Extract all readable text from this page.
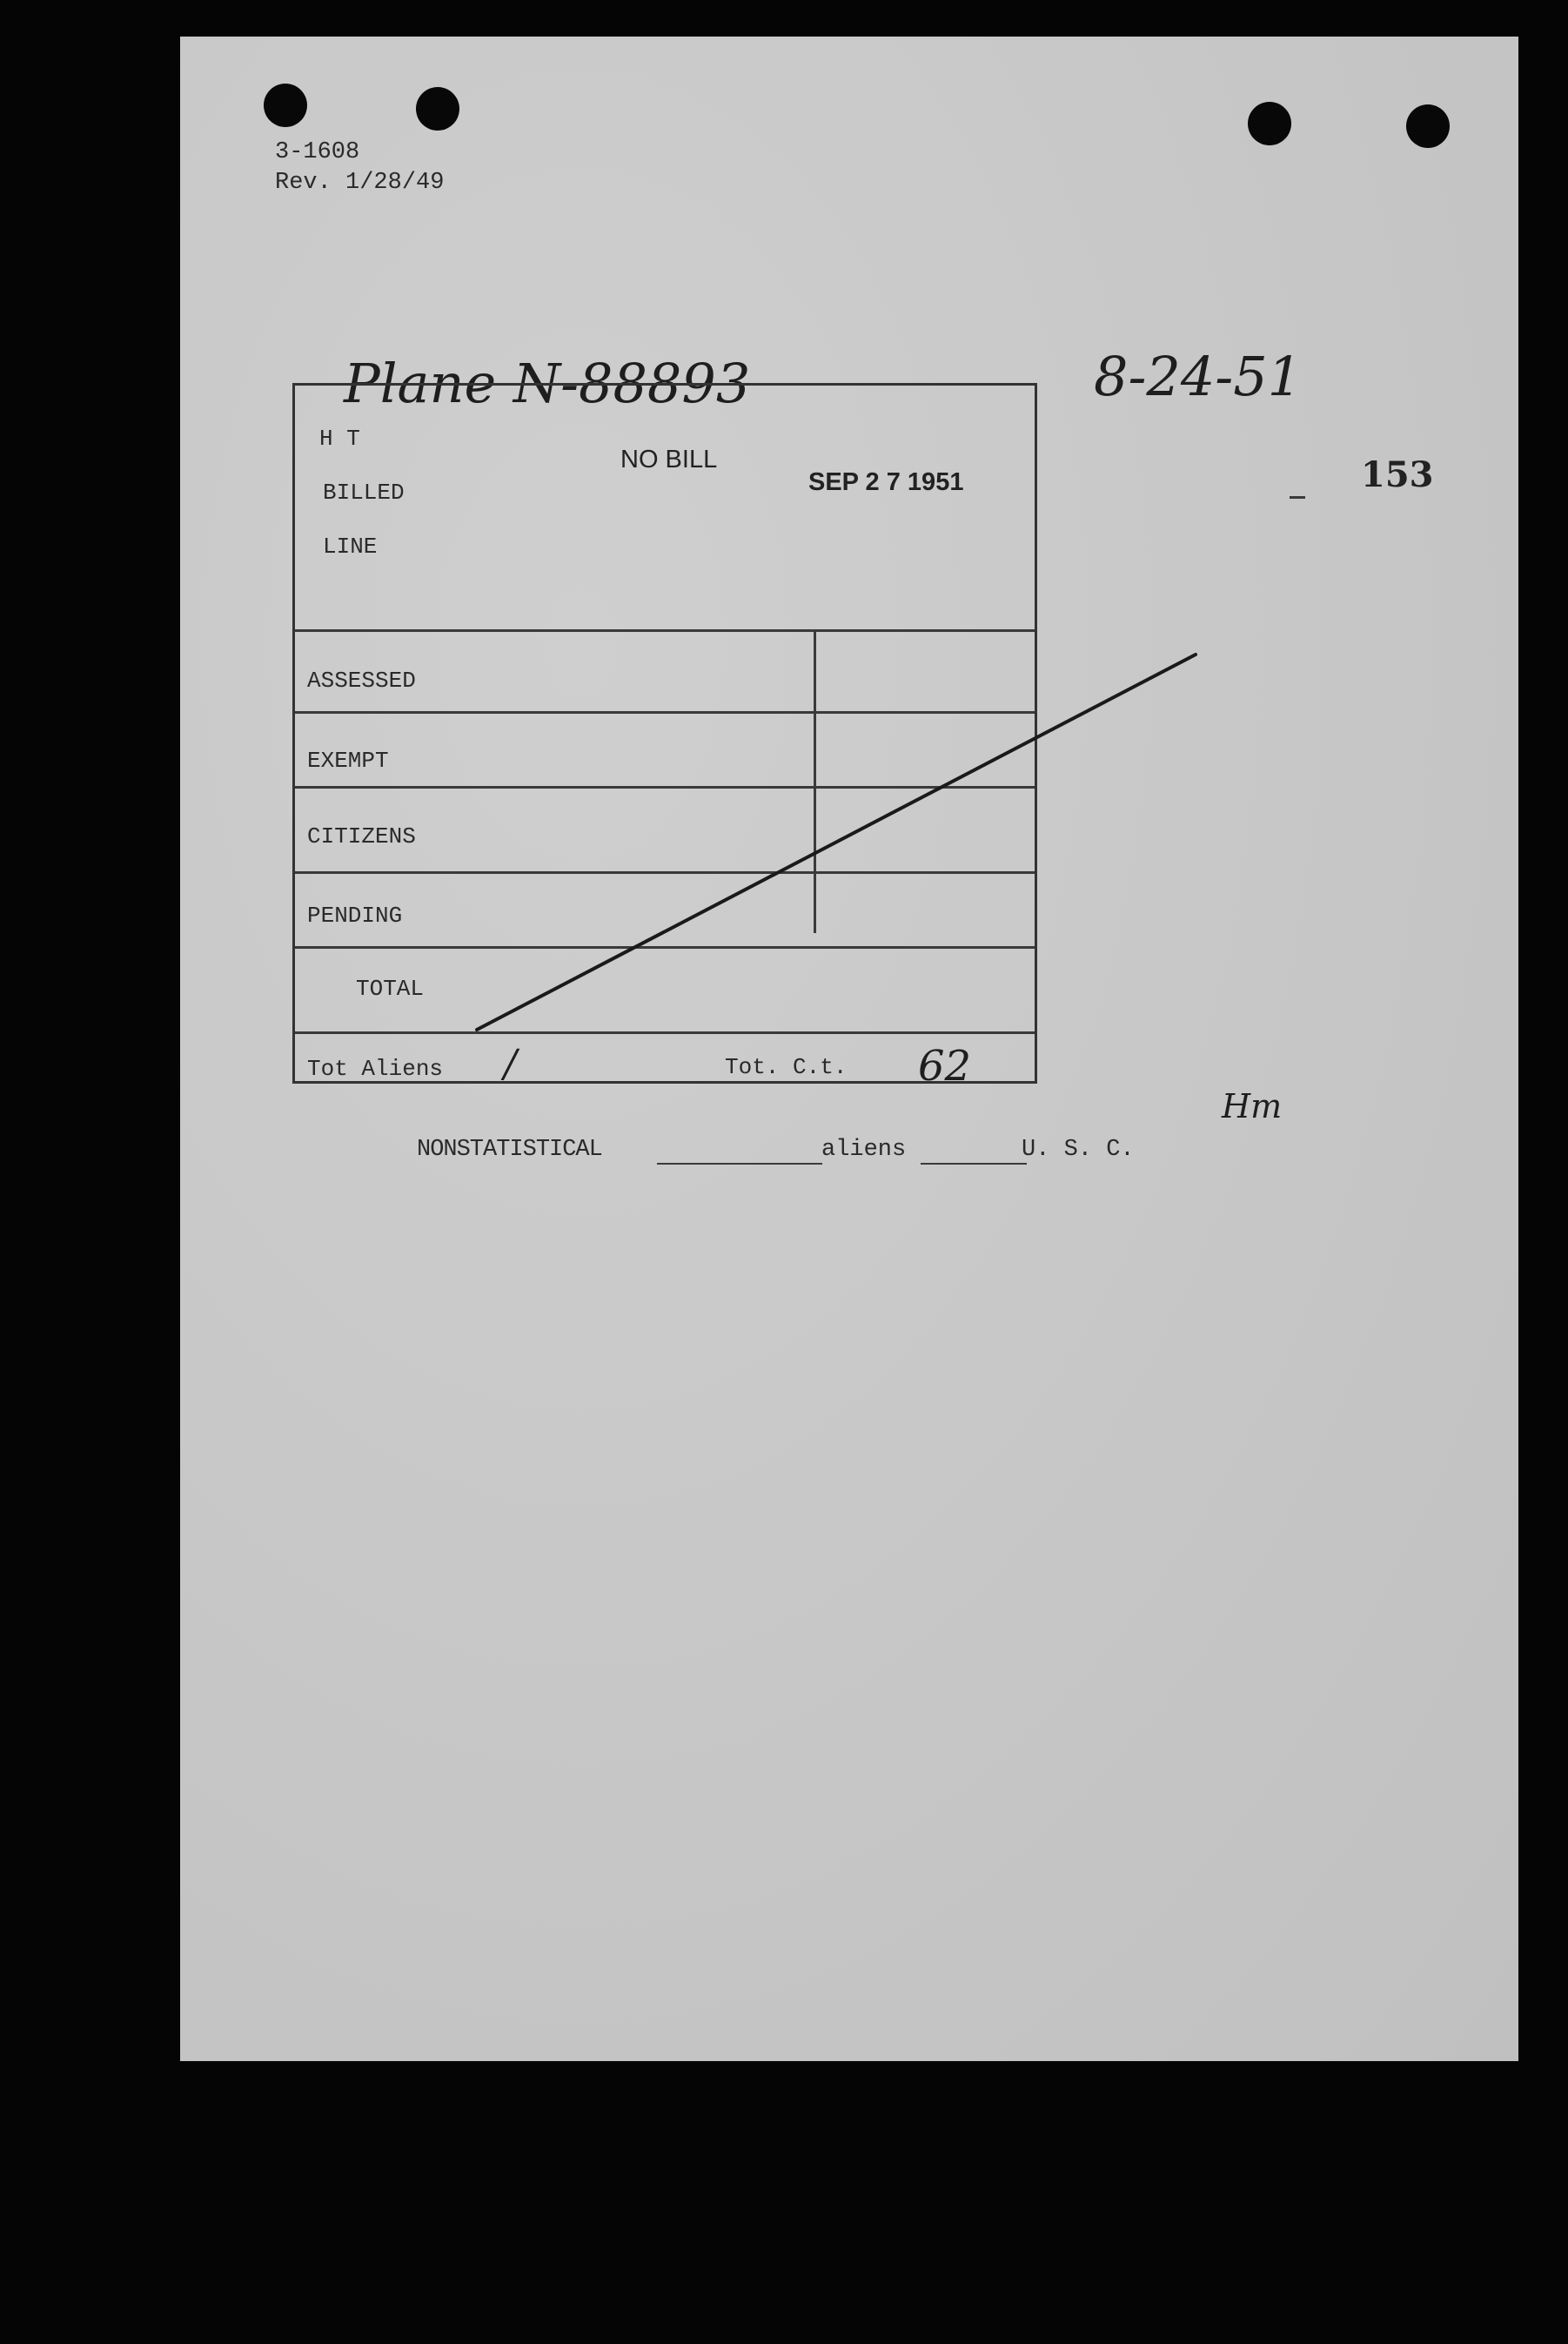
3-1608
Rev. 1/28/49
Plane N-88893	8-24-51
153
NO BILL
SEP 2 7 1951
H T
BILLED
LINE
ASSESSED
EXEMPT
CITIZENS
PENDING
TOTAL
Tot Aliens /	Tot. C.t. 62
Hm
NONSTATISTICAL	aliens	U. S. C.
